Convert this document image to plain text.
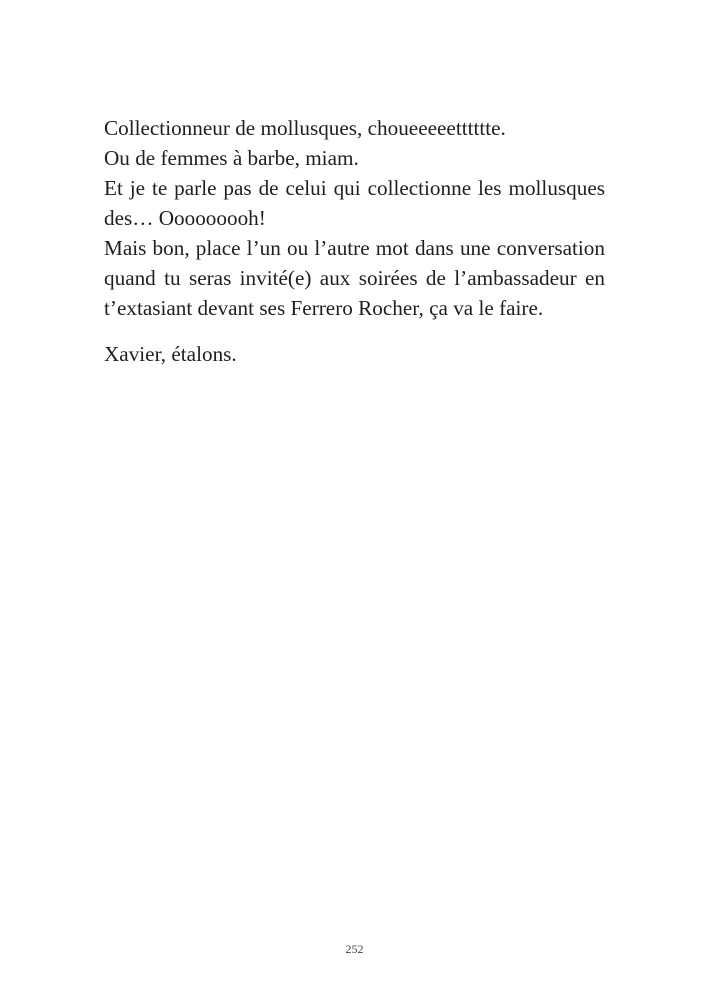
Collectionneur de mollusques, choueeeeetttttte.

Ou de femmes à barbe, miam.

Et je te parle pas de celui qui collectionne les mollusques des… Ooooooooh!

Mais bon, place l’un ou l’autre mot dans une conversation quand tu seras invité(e) aux soirées de l’ambassadeur en t’extasiant devant ses Ferrero Rocher, ça va le faire.

Xavier, étalons.

252
